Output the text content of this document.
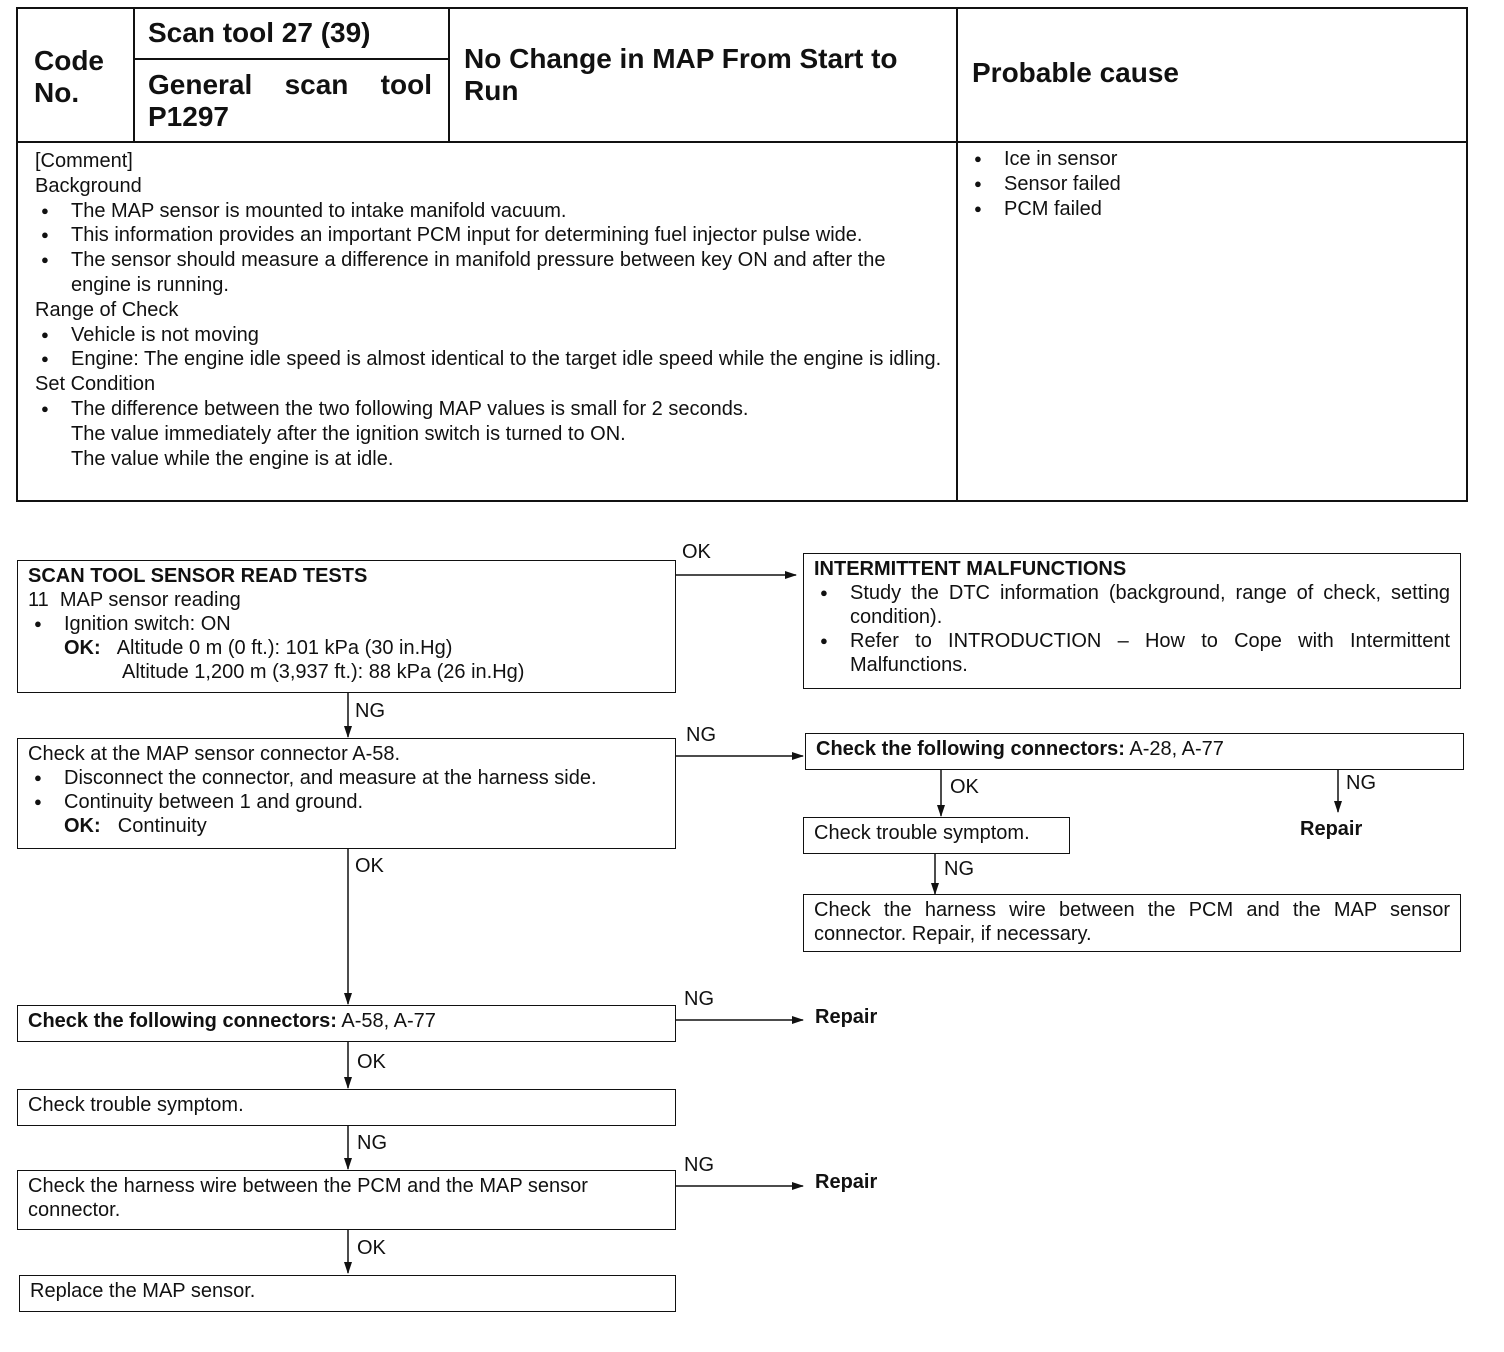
Code No.
Scan tool 27 (39)
General scan tool
P1297
No Change in MAP From Start to Run
Probable cause
[Comment]
Background
● The MAP sensor is mounted to intake manifold vacuum.
● This information provides an important PCM input for determining fuel injector pulse wide.
● The sensor should measure a difference in manifold pressure between key ON and after the engine is running.
Range of Check
● Vehicle is not moving
● Engine: The engine idle speed is almost identical to the target idle speed while the engine is idling.
Set Condition
● The difference between the two following MAP values is small for 2 seconds.
The value immediately after the ignition switch is turned to ON.
The value while the engine is at idle.
● Ice in sensor
● Sensor failed
● PCM failed
SCAN TOOL SENSOR READ TESTS
11  MAP sensor reading
● Ignition switch: ON
OK: Altitude 0 m (0 ft.): 101 kPa (30 in.Hg)
Altitude 1,200 m (3,937 ft.): 88 kPa (26 in.Hg)
INTERMITTENT MALFUNCTIONS
● Study the DTC information (background, range of check, setting condition).
● Refer to INTRODUCTION – How to Cope with Intermittent Malfunctions.
Check at the MAP sensor connector A-58.
● Disconnect the connector, and measure at the harness side.
● Continuity between 1 and ground.
OK: Continuity
Check the following connectors: A-28, A-77
Check trouble symptom.
Check the harness wire between the PCM and the MAP sensor connector. Repair, if necessary.
Check the following connectors: A-58, A-77
Check trouble symptom.
Check the harness wire between the PCM and the MAP sensor connector.
Replace the MAP sensor.
OK
NG
NG
OK	NG
NG
OK
NG
OK
NG
NG
OK
Repair
Repair
Repair
